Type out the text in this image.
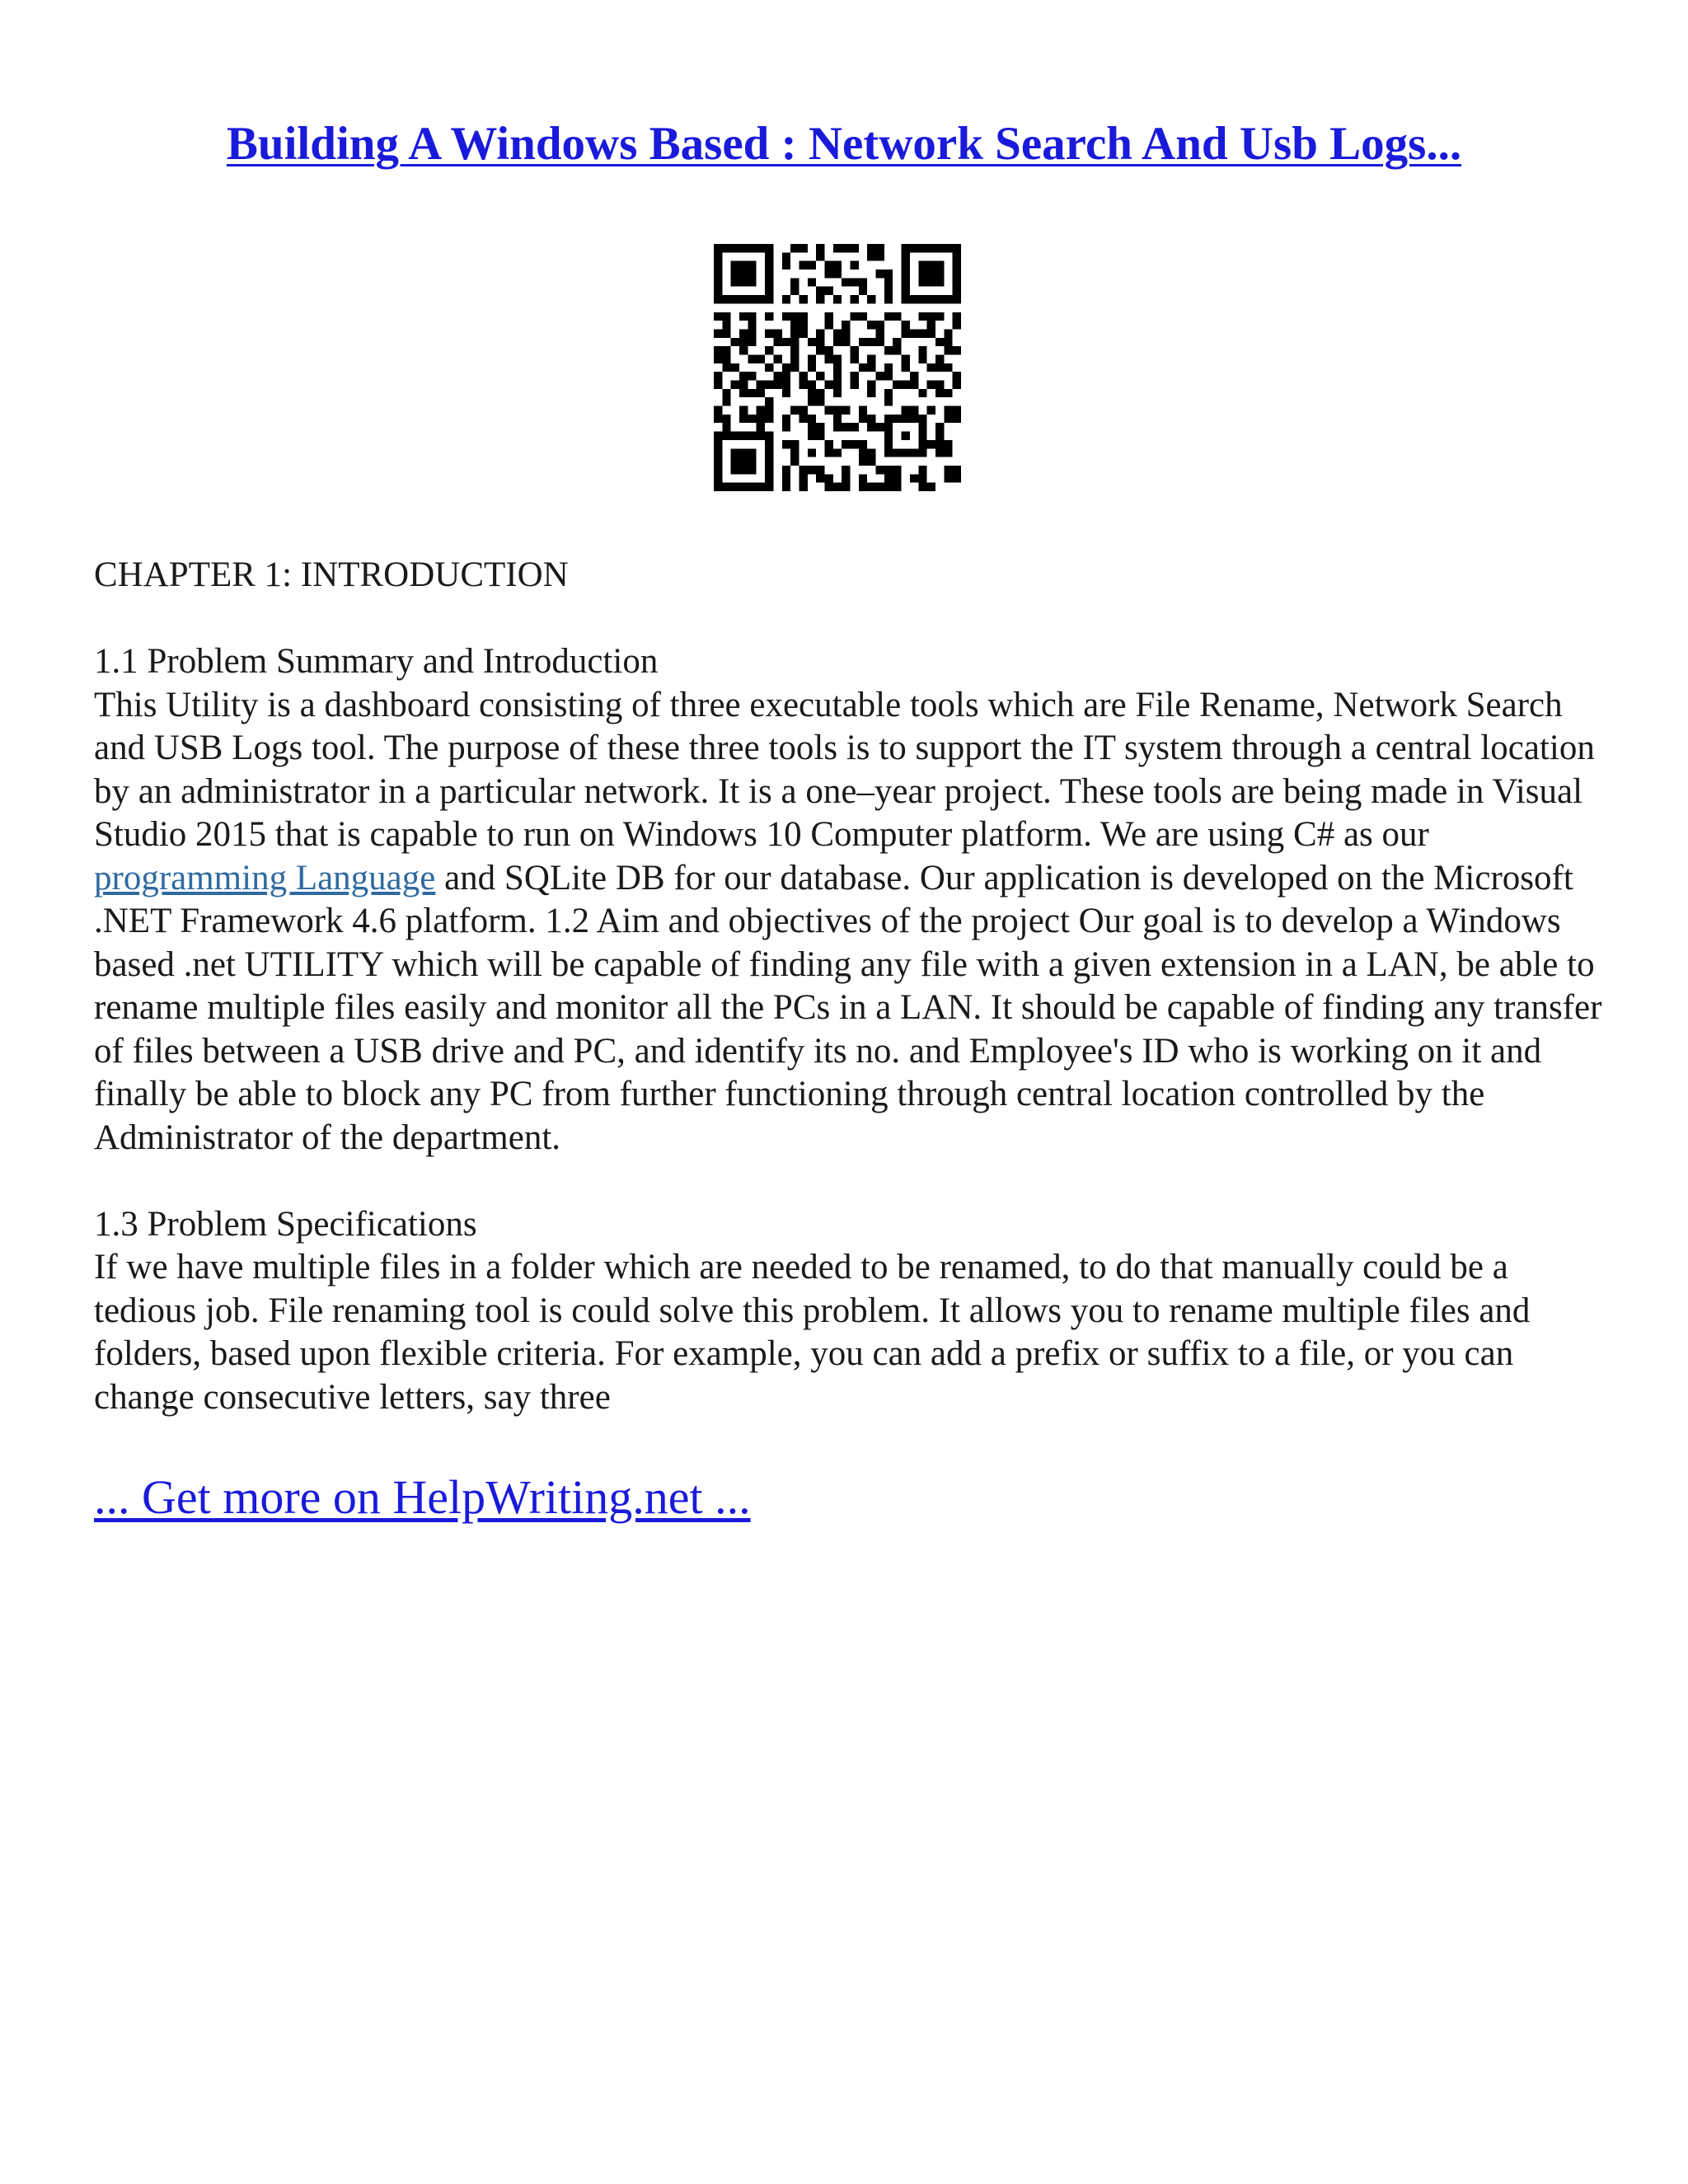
Building A Windows Based : Network Search And Usb Logs...

CHAPTER 1: INTRODUCTION

1.1 Problem Summary and Introduction

This Utility is a dashboard consisting of three executable tools which are File Rename, Network Search and USB Logs tool. The purpose of these three tools is to support the IT system through a central location by an administrator in a particular network. It is a one–year project. These tools are being made in Visual Studio 2015 that is capable to run on Windows 10 Computer platform. We are using C# as our programming Language and SQLite DB for our database. Our application is developed on the Microsoft .NET Framework 4.6 platform. 1.2 Aim and objectives of the project Our goal is to develop a Windows based .net UTILITY which will be capable of finding any file with a given extension in a LAN, be able to rename multiple files easily and monitor all the PCs in a LAN. It should be capable of finding any transfer of files between a USB drive and PC, and identify its no. and Employee's ID who is working on it and finally be able to block any PC from further functioning through central location controlled by the Administrator of the department.

1.3 Problem Specifications

If we have multiple files in a folder which are needed to be renamed, to do that manually could be a tedious job. File renaming tool is could solve this problem. It allows you to rename multiple files and folders, based upon flexible criteria. For example, you can add a prefix or suffix to a file, or you can change consecutive letters, say three

... Get more on HelpWriting.net ...
